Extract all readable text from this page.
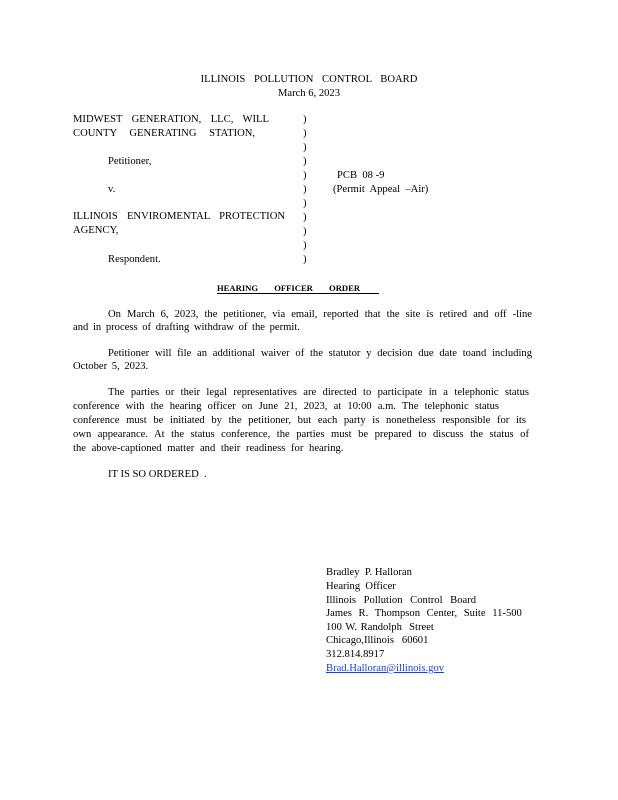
ILLINOIS POLLUTION CONTROL BOARD
March 6, 2023
MIDWEST GENERATION, LLC, WILL
COUNTY GENERATING STATION,
Petitioner,
v.
ILLINOIS ENVIROMENTAL PROTECTION
AGENCY,
Respondent.
)
)
)
)
)
)
)
)
)
)
)
PCB  08 -9
(Permit  Appeal  –Air)
HEARING OFFICER ORDER
On March 6, 2023, the petitioner, via email, reported that the site is retired and off -line
and in process of drafting withdraw of the permit.
Petitioner will file an additional waiver of the statutor y decision due date toand including
October 5, 2023.
The parties or their legal representatives are directed to participate in a telephonic status
conference with the hearing officer on June 21, 2023, at 10:00 a.m. The telephonic status
conference must be initiated by the petitioner, but each party is nonetheless responsible for its
own appearance. At the status conference, the parties must be prepared to discuss the status of
the above-captioned matter and their readiness for hearing.
IT IS SO ORDERED  .
Bradley  P. Halloran
Hearing  Officer
Illinois Pollution Control Board
James R. Thompson Center, Suite 11-500
100 W. Randolph  Street
Chicago,Illinois   60601
312.814.8917
Brad.Halloran@illinois.gov
